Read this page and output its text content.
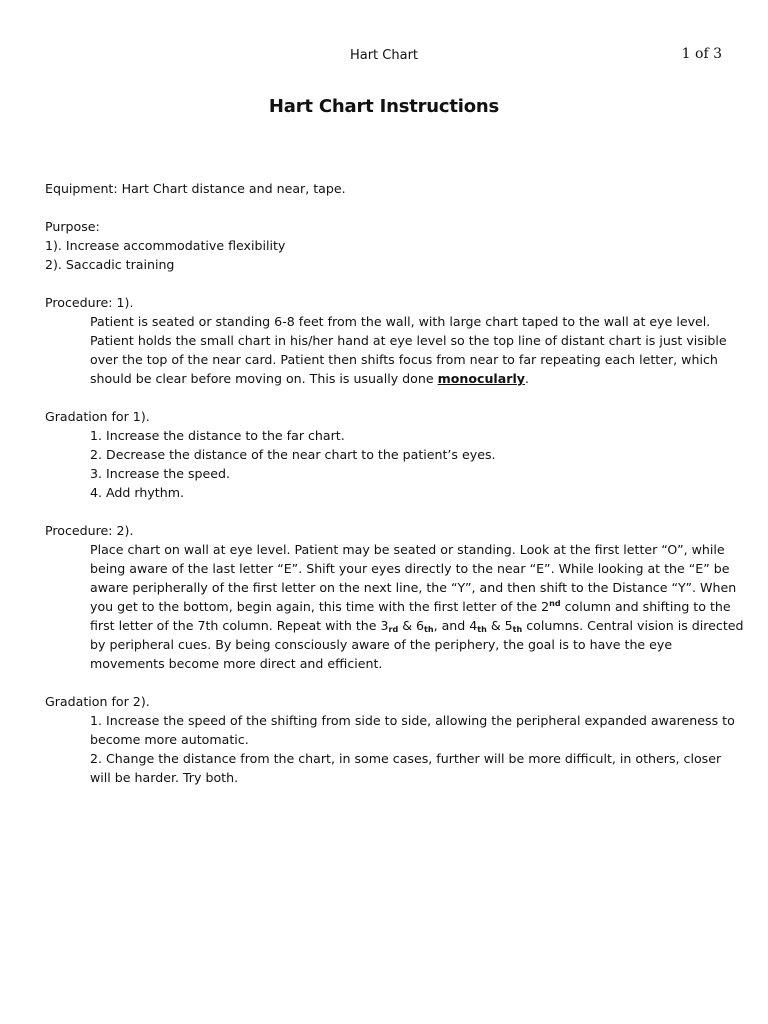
Hart Chart	1 of 3
Hart Chart Instructions

Equipment: Hart Chart distance and near, tape.

Purpose:

1). Increase accommodative flexibility

2). Saccadic training

Procedure: 1).

Patient is seated or standing 6-8 feet from the wall, with large chart taped to the wall at eye level.

Patient holds the small chart in his/her hand at eye level so the top line of distant chart is just visible

over the top of the near card. Patient then shifts focus from near to far repeating each letter, which

should be clear before moving on. This is usually done monocularly.

Gradation for 1).

1. Increase the distance to the far chart.

2. Decrease the distance of the near chart to the patient’s eyes.

3. Increase the speed.

4. Add rhythm.

Procedure: 2).

Place chart on wall at eye level. Patient may be seated or standing. Look at the first letter “O”, while

being aware of the last letter “E”. Shift your eyes directly to the near “E”. While looking at the “E” be

aware peripherally of the first letter on the next line, the “Y”, and then shift to the Distance “Y”. When

you get to the bottom, begin again, this time with the first letter of the 2nd column and shifting to the

first letter of the 7th column. Repeat with the $3_{rd}$ & $6_{th}$, and $4_{th}$ & $5_{th}$ columns. Central vision is directed

by peripheral cues. By being consciously aware of the periphery, the goal is to have the eye

movements become more direct and efficient.

Gradation for 2).

1. Increase the speed of the shifting from side to side, allowing the peripheral expanded awareness to

become more automatic.

2. Change the distance from the chart, in some cases, further will be more difficult, in others, closer

will be harder. Try both.
